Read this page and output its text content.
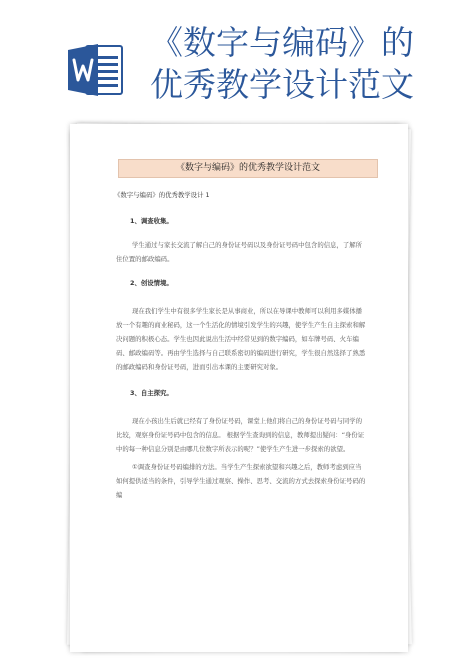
《数字与编码》的
优秀教学设计范文
《数字与编码》的优秀教学设计范文
《数字与编码》的优秀教学设计 1
1、调查收集。
学生通过与家长交流了解自己的身份证号码以及身份证号码中包含的信息，了解所住位置的邮政编码。
2、创设情境。
现在我们学生中有很多学生家长是从事商业，所以在导课中教师可以利用多媒体播放一个有趣的商业秘码，这一个生活化的情境引发学生的兴趣，使学生产生自主探索和解决问题的积极心态。学生也因此说出生活中经常见到的数字编码，如车牌号码、火车编码、邮政编码等。再由学生选择与自己联系密切的编码进行研究，学生很自然选择了熟悉的邮政编码和身份证号码，进而引出本课的主要研究对象。
3、自主探究。
现在小孩出生后就已经有了身份证号码，课堂上他们将自己的身份证号码与同学的比较，观察身份证号码中包含的信息。 根据学生查询到的信息，教师提出疑问：“身份证中的每一种信息分别是由哪几位数字所表示的呢？”使学生产生进一步探索的欲望。
①调查身份证号码编排的方法。当学生产生探索欲望和兴趣之后，教师考虑到应当如何提供适当的条件，引导学生通过观察、操作、思考、交流的方式去探索身份证号码的编
